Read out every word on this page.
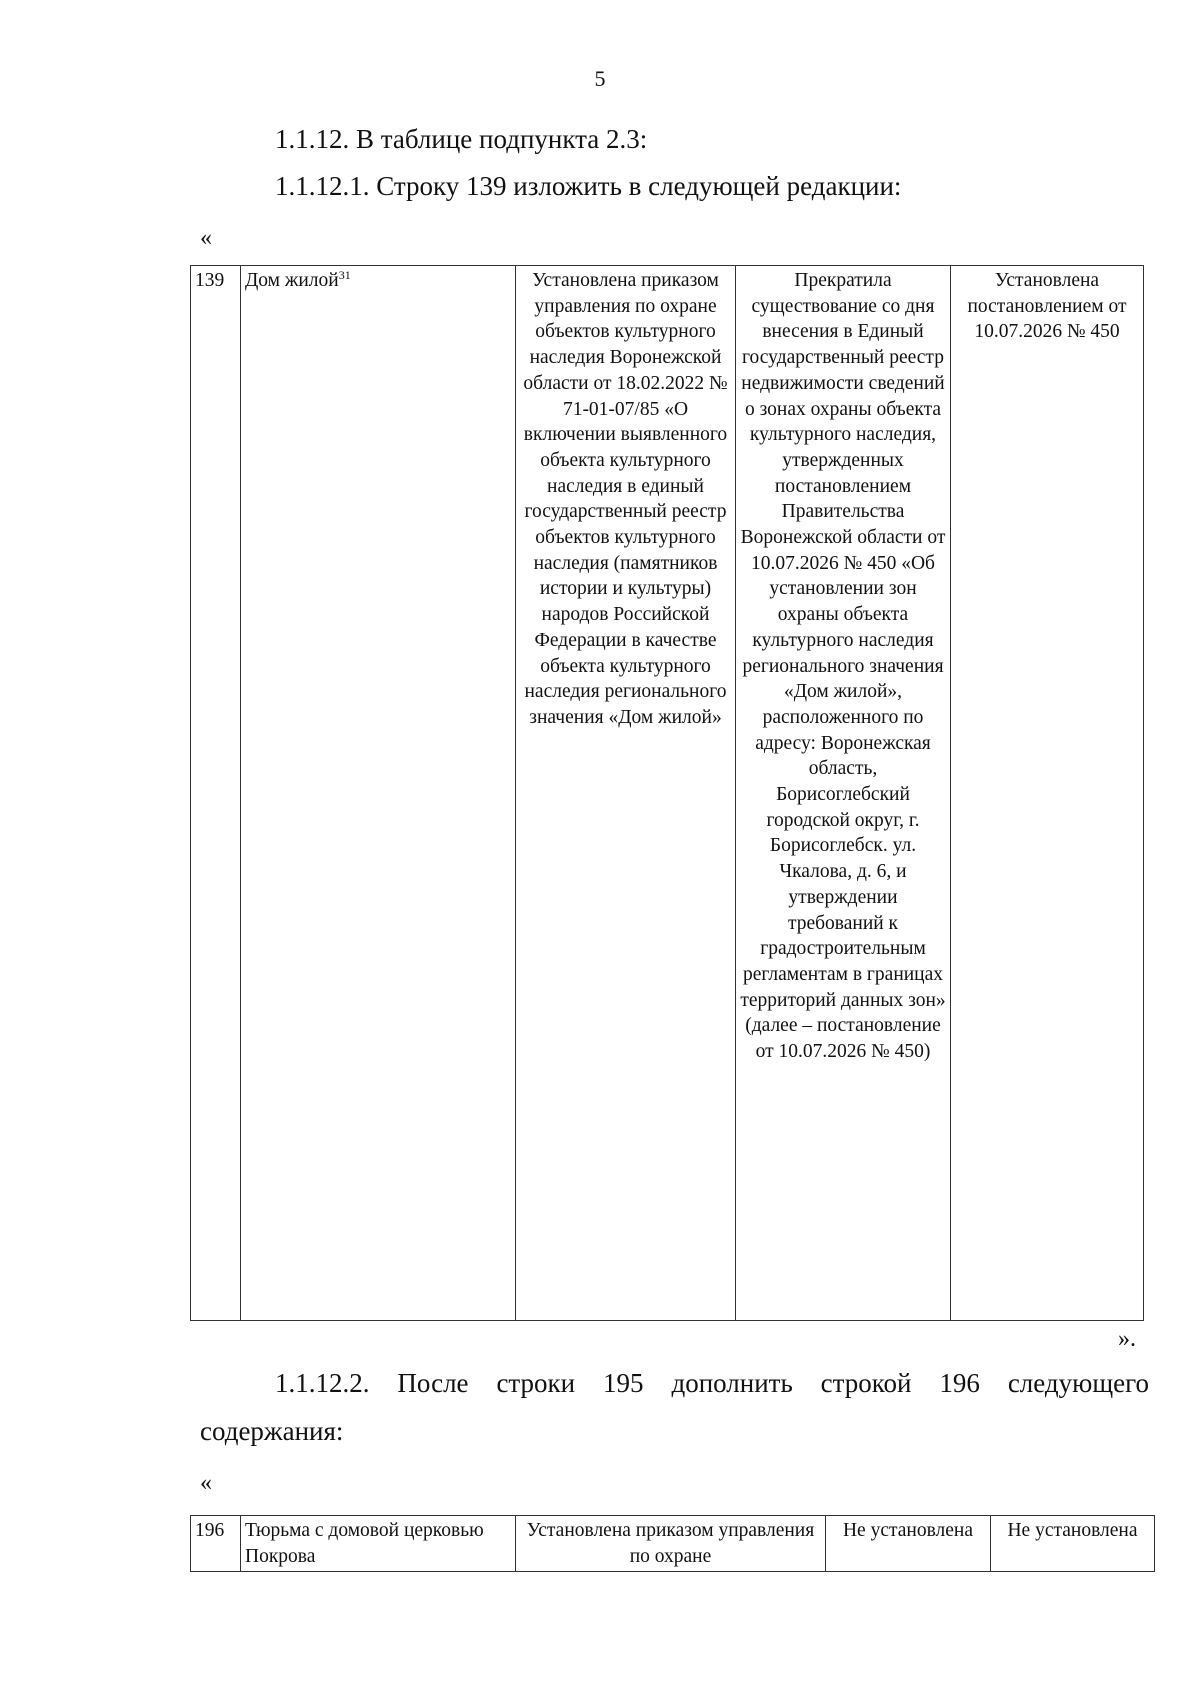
5
1.1.12. В таблице подпункта 2.3:
1.1.12.1. Строку 139 изложить в следующей редакции:
«
139	Дом жилой$^{31}$	Установлена приказом управления по охране объектов культурного наследия Воронежской области от 18.02.2022 № 71-01-07/85 «О включении выявленного объекта культурного наследия в единый государственный реестр объектов культурного наследия (памятников истории и культуры) народов Российской Федерации в качестве объекта культурного наследия регионального значения «Дом жилой»	Прекратила существование со дня внесения в Единый государственный реестр недвижимости сведений о зонах охраны объекта культурного наследия, утвержденных постановлением Правительства Воронежской области от 10.07.2026 № 450 «Об установлении зон охраны объекта культурного наследия регионального значения «Дом жилой», расположенного по адресу: Воронежская область, Борисоглебский городской округ, г. Борисоглебск. ул. Чкалова, д. 6, и утверждении требований к градостроительным регламентам в границах территорий данных зон» (далее – постановление от 10.07.2026 № 450)	Установлена постановлением от 10.07.2026 № 450
».
1.1.12.2. После строки 195 дополнить строкой 196 следующего
содержания:
«
196	Тюрьма с домовой церковью Покрова	Установлена приказом управления по охране	Не установлена	Не установлена
